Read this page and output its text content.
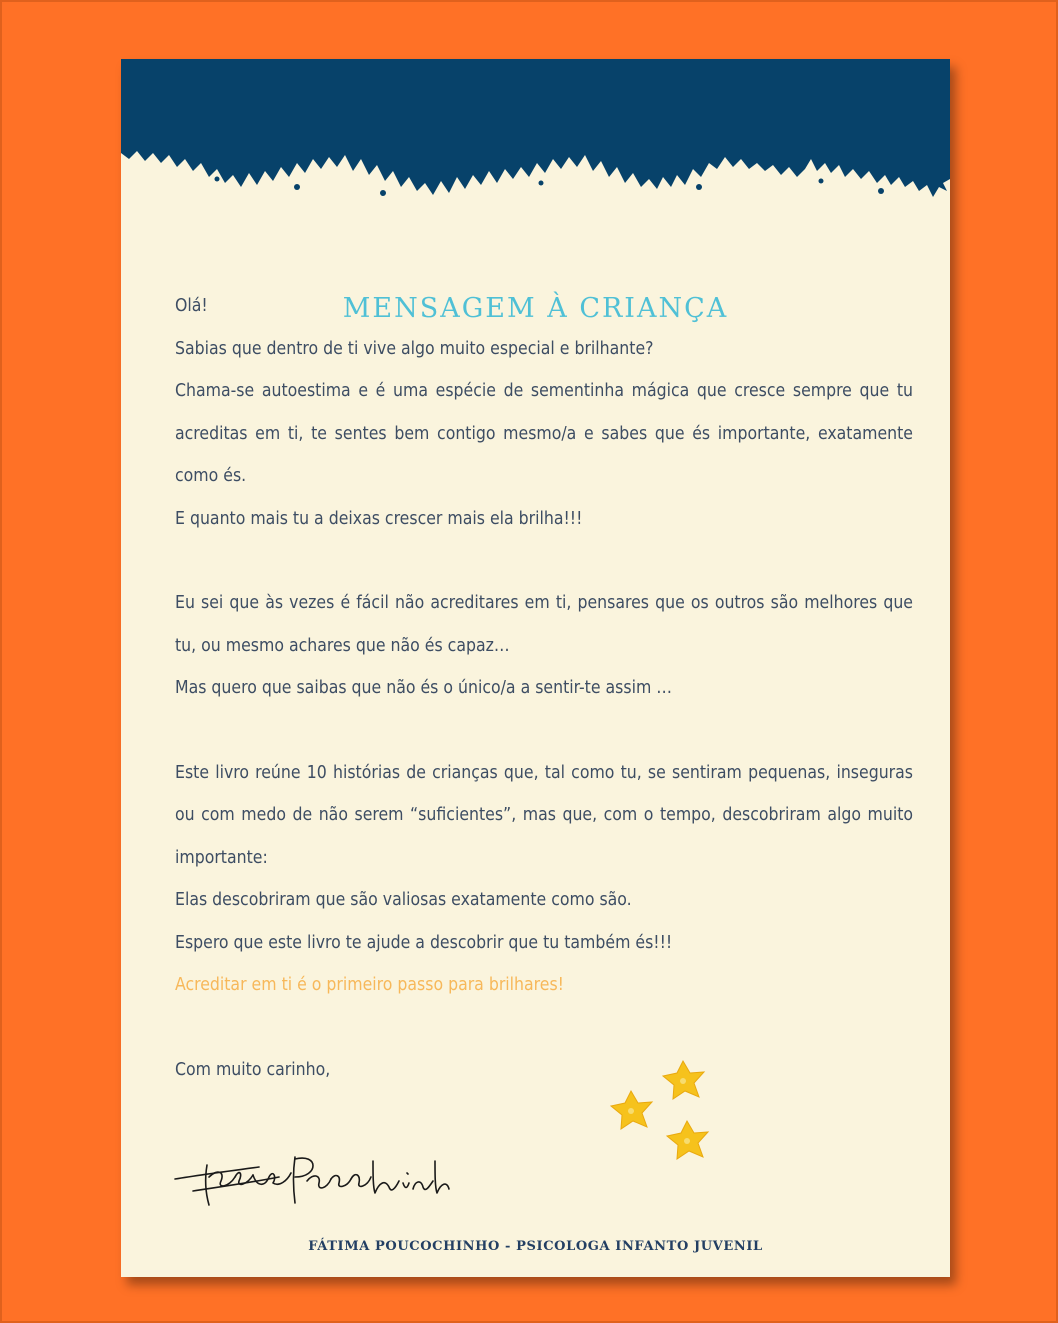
MENSAGEM À CRIANÇA

Olá!

Sabias que dentro de ti vive algo muito especial e brilhante?

Chama-se autoestima e é uma espécie de sementinha mágica que cresce sempre que tu acreditas em ti, te sentes bem contigo mesmo/a e sabes que és importante, exatamente como és.

E quanto mais tu a deixas crescer mais ela brilha!!!

Eu sei que às vezes é fácil não acreditares em ti, pensares que os outros são melhores que tu, ou mesmo achares que não és capaz…

Mas quero que saibas que não és o único/a a sentir-te assim …

Este livro reúne 10 histórias de crianças que, tal como tu, se sentiram pequenas, inseguras ou com medo de não serem “suficientes”, mas que, com o tempo, descobriram algo muito importante:

Elas descobriram que são valiosas exatamente como são.

Espero que este livro te ajude a descobrir que tu também és!!!

Acreditar em ti é o primeiro passo para brilhares!

Com muito carinho,

FÁTIMA POUCOCHINHO - PSICOLOGA INFANTO JUVENIL
